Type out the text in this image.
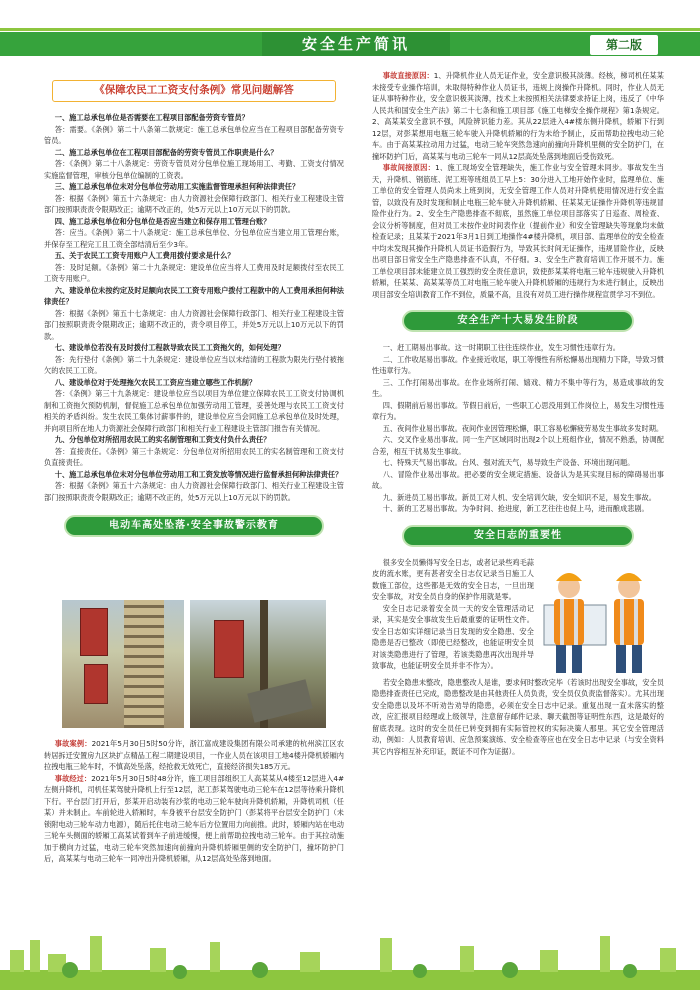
安全生产简讯	第二版
《保障农民工工资支付条例》常见问题解答

一、施工总承包单位是否需要在工程项目部配备劳资专管员？

答：需要。《条例》第二十八条第二款规定：施工总承包单位应当在工程项目部配备劳资专管员。

二、施工总承包单位在工程项目部配备的劳资专管员工作职责是什么？

答：《条例》第二十八条规定：劳资专管员对分包单位施工现场用工、考勤、工资支付情况实施监督管理，审核分包单位编制的工资表。

三、施工总承包单位未对分包单位劳动用工实施监督管理承担何种法律责任？

答：根据《条例》第五十六条规定：由人力资源社会保障行政部门、相关行业工程建设主管部门按照职责责令限期改正；逾期不改正的，处5万元以上10万元以下的罚款。

四、施工总承包单位和分包单位是否应当建立和保存用工管理台账？

答：应当。《条例》第二十八条规定：施工总承包单位、分包单位应当建立用工管理台账，并保存至工程完工且工资全部结清后至少3年。

五、关于农民工工资专用账户人工费用拨付要求是什么？

答：及时足额。《条例》第二十九条规定：建设单位应当将人工费用及时足额拨付至农民工工资专用账户。

六、建设单位未按约定及时足额向农民工工资专用账户拨付工程款中的人工费用承担何种法律责任？

答：根据《条例》第五十七条规定：由人力资源社会保障行政部门、相关行业工程建设主管部门按照职责责令限期改正；逾期不改正的，责令项目停工，并处5万元以上10万元以下的罚款。

七、建设单位若没有及时拨付工程款导致农民工工资拖欠的，如何处理？

答：先行垫付《条例》第二十九条规定：建设单位应当以未结清的工程款为限先行垫付被拖欠的农民工工资。

八、建设单位对于处理拖欠农民工工资应当建立哪些工作机制？

答：《条例》第三十九条规定：建设单位应当以项目为单位建立保障农民工工资支付协调机制和工资拖欠预防机制，督促施工总承包单位加强劳动用工管理，妥善处理与农民工工资支付相关的矛盾纠纷。发生农民工集体讨薪事件的，建设单位应当会同施工总承包单位及时处理，并向项目所在地人力资源社会保障行政部门和相关行业工程建设主管部门报告有关情况。

九、分包单位对所招用农民工的实名制管理和工资支付负什么责任？

答：直接责任。《条例》第三十条规定：分包单位对所招用农民工的实名制管理和工资支付负直接责任。

十、施工总承包单位未对分包单位劳动用工和工资发放等情况进行监督承担何种法律责任？

答：根据《条例》第五十六条规定：由人力资源社会保障行政部门、相关行业工程建设主管部门按照职责责令限期改正；逾期不改正的，处5万元以上10万元以下的罚款。

电动车高处坠落·安全事故警示教育

事故案例：2021年5月30日5时50分许，浙江富成建设集团有限公司承建的杭州滨江区农转居拆迁安置房九区块扩点精品工程二期建设项目，一作业人员在该项目工地4楼升降机轿厢内拉拽电瓶三轮车时，不慎高处坠落，经抢救无效死亡，直接经济损失185万元。

事故经过：2021年5月30日5时48分许，施工项目部组织工人高某某从4楼至12层进入4#左侧升降机，司机任某驾驶升降机上行至12层，泥工彭某驾驶电动三轮车在12层等待乘升降机下行。平台层门打开后，彭某开启动装有沙浆的电动三轮车驶向升降机轿厢，升降机司机（任某）并未制止。车前轮进入轿厢时，车身被平台层安全防护门（彭某将平台层安全防护门（未锁附电动三轮车动力电源），随后托住电动三轮车后方位置用力向前推。此时，轿厢内站在电动三轮车头侧面的轿厢工高某试着到车子前进缓慢，便上前帮助拉拽电动三轮车。由于其拉动施加于横向力过猛，电动三轮车突然加速向前撞向升降机轿厢里侧的安全防护门，撞坏防护门后，高某某与电动三轮车一同冲出升降机轿厢，从12层高处坠落到地面。

事故直接原因：1、升降机作业人员无证作业，安全意识极其淡薄。经核，梯司机任某某未接受专业操作培训，未取得特种作业人员证书，违规上岗操作升降机。同时，作业人员无证从事特种作业，安全意识极其淡薄，技术上未按照相关法律要求持证上岗，违反了《中华人民共和国安全生产法》第二十七条和施工项目部《施工电梯安全操作规程》第1条规定。2、高某某安全意识不强，风险辨识能力差。其从22层进入4#楼东侧升降机，轿厢下行到12层，对彭某想用电瓶三轮车驶入升降机轿厢的行为未给予制止，反而帮助拉拽电动三轮车。由于高某某拉动用力过猛，电动三轮车突然急速向前撞向升降机里侧的安全防护门，在撞坏防护门后，高某某与电动三轮车一同从12层高处坠落到地面后受伤致死。

事故间接原因：1、施工现场安全管理缺失，施工作业与安全管理未同步。事故发生当天，升降机、钢筋班、泥工班等班组员工早上5：30分进入工地开始作业时，监理单位、施工单位的安全管理人员尚未上班到岗，无安全管理工作人员对升降机使用情况进行安全监管，以致没有及时发现和制止电瓶三轮车驶入升降机轿厢、任某某无证操作升降机等违规冒险作业行为。2、安全生产隐患排查不彻底，虽然施工单位项目部落实了日巡查、周检查、会议分析等制度，但对员工未按作业时间表作业（提前作业）和安全管理缺失等现象均未做检查记录；且某某于2021年3月1日到工地操作4#楼升降机，项目部、监理单位的安全检查中均未发现其操作升降机人员证书造假行为，导致其长时间无证操作，违规冒险作业，反映出项目部日常安全生产隐患排查不认真，不仔细。3、安全生产教育培训工作开展不力。施工单位项目部未能建立员工强烈的安全责任意识，致使彭某某将电瓶三轮车违规驶入升降机轿厢，任某某、高某某等员工对电瓶三轮车驶入升降机轿厢的违规行为未进行制止，反映出项目部安全培训教育工作不到位，质量不高，且没有对员工进行操作规程宣贯学习不到位。

安全生产十大易发生阶段

一、赶工期易出事故。这一时期职工往往连续作业，发生习惯性违章行为。

二、工作收尾易出事故。作业接近收尾，职工等慢性有所松懈易出现精力下降，导致习惯性违章行为。

三、工作打闹易出事故。在作业场所打闹、嬉戏、精力不集中等行为，易造成事故的发生。

四、假期前后易出事故。节假日前后，一些职工心思没用到工作岗位上，易发生习惯性违章行为。

五、夜间作业易出事故。夜间作业因管理松懈，职工容易松懈疲劳易发生事故多发时期。

六、交叉作业易出事故。同一生产区域同时出现2个以上班组作业，情况不熟悉，协调配合差，相互干扰易发生事故。

七、特殊天气易出事故。台风、强对流天气，易导致生产设备、环境出现问题。

八、冒险作业易出事故。把必要的安全规定措施、设备认为是其实现目标的障碍易出事故。

九、新进员工易出事故。新员工对人机、安全培训欠缺，安全知识不足，易发生事故。

十、新的工艺易出事故。为争时间、抢进度，新工艺往往也促上马，进而酿成悲剧。

安全日志的重要性

很多安全员懒得写安全日志，或者记录些鸡毛蒜皮的流水账，更有甚者安全日志仅记录当日施工人数施工部位，这些都是无效的安全日志，一旦出现安全事故，对安全员自身的保护作用就是零。

安全日志记录着安全员一天的安全管理活动记录，其实是安全事故发生后最重要的证明性文件。安全日志如实详细记录当日发现的安全隐患、安全隐患是否已整改（即使已经整改，也能证明安全员对该类隐患进行了管理，若该类隐患再次出现并导致事故，也能证明安全员并非不作为）。

若安全隐患未整改，隐患整改人是谁，要求何时整改完毕（若该时出现安全事故，安全员隐患排查责任已完成，隐患整改是由其他责任人员负责，安全员仅负责监督落实）。尤其出现安全隐患以及坏不听劝告劝导的隐患，必须在安全日志中记录。重复出现一直未落实的整改，应汇报项目经理或上级领导，注意留存邮件记录、聊天截图等证明性东西，这是最好的留底表现。这时的安全员任已转变到拥有实际管控权的实际决策人那里。其它安全管理活动，例如：人员教育培训、应急预案演练、安全检查等应也在安全日志中记录（与安全资料其它内容相互补充印证，既证不可作为证据）。
